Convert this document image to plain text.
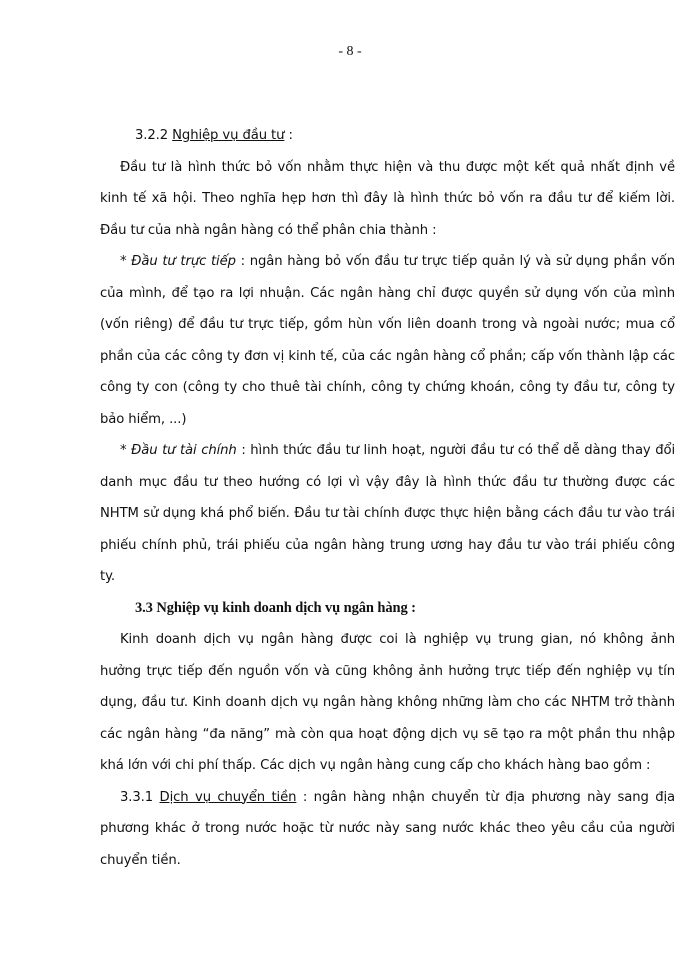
- 8 -

3.2.2 Nghiệp vụ đầu tư :

Đầu tư là hình thức bỏ vốn nhằm thực hiện và thu được một kết quả nhất định về kinh tế xã hội. Theo nghĩa hẹp hơn thì đây là hình thức bỏ vốn ra đầu tư để kiếm lời. Đầu tư của nhà ngân hàng có thể phân chia thành :

* Đầu tư trực tiếp : ngân hàng bỏ vốn đầu tư trực tiếp quản lý và sử dụng phần vốn của mình, để tạo ra lợi nhuận. Các ngân hàng chỉ được quyền sử dụng vốn của mình (vốn riêng) để đầu tư trực tiếp, gồm hùn vốn liên doanh trong và ngoài nước; mua cổ phần của các công ty đơn vị kinh tế, của các ngân hàng cổ phần; cấp vốn thành lập các công ty con (công ty cho thuê tài chính, công ty chứng khoán, công ty đầu tư, công ty bảo hiểm, ...)

* Đầu tư tài chính : hình thức đầu tư linh hoạt, người đầu tư có thể dễ dàng thay đổi danh mục đầu tư theo hướng có lợi vì vậy đây là hình thức đầu tư thường được các NHTM sử dụng khá phổ biến. Đầu tư tài chính được thực hiện bằng cách đầu tư vào trái phiếu chính phủ, trái phiếu của ngân hàng trung ương hay đầu tư vào trái phiếu công ty.

3.3 Nghiệp vụ kinh doanh dịch vụ ngân hàng :

Kinh doanh dịch vụ ngân hàng được coi là nghiệp vụ trung gian, nó không ảnh hưởng trực tiếp đến nguồn vốn và cũng không ảnh hưởng trực tiếp đến nghiệp vụ tín dụng, đầu tư. Kinh doanh dịch vụ ngân hàng không những làm cho các NHTM trở thành các ngân hàng “đa năng” mà còn qua hoạt động dịch vụ sẽ tạo ra một phần thu nhập khá lớn với chi phí thấp. Các dịch vụ ngân hàng cung cấp cho khách hàng bao gồm :

3.3.1 Dịch vụ chuyển tiền : ngân hàng nhận chuyển từ địa phương này sang địa phương khác ở trong nước hoặc từ nước này sang nước khác theo yêu cầu của người chuyển tiền.
